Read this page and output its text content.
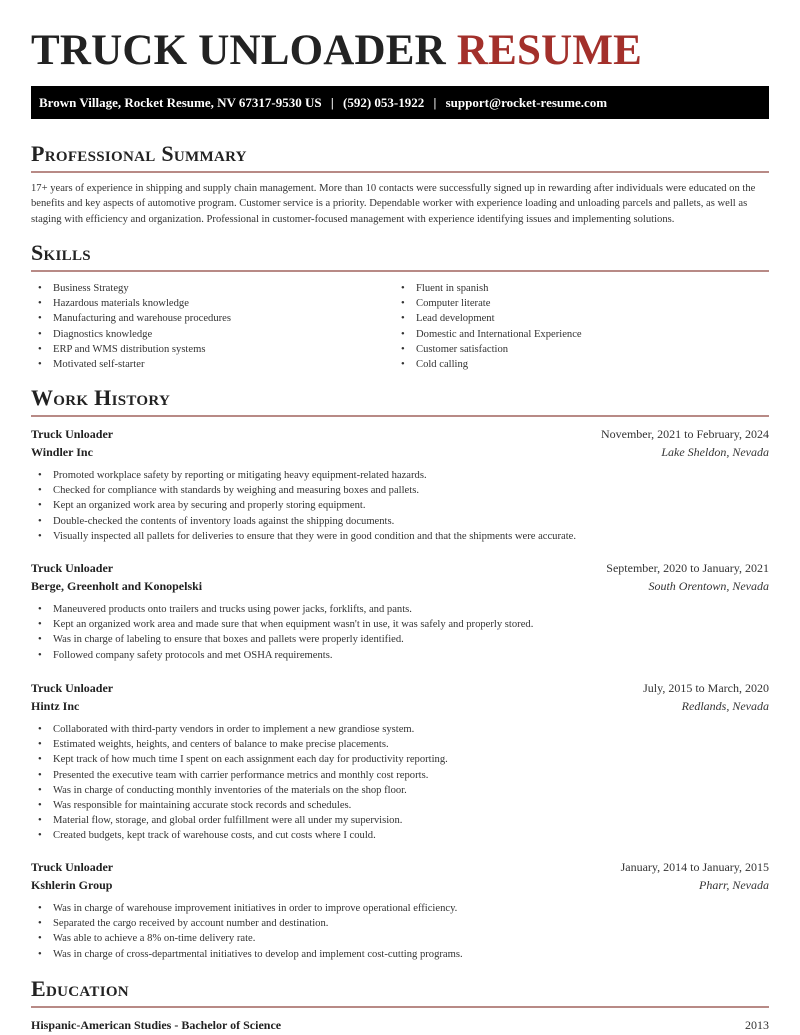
TRUCK UNLOADER RESUME
Brown Village, Rocket Resume, NV 67317-9530 US | (592) 053-1922 | support@rocket-resume.com
Professional Summary
17+ years of experience in shipping and supply chain management. More than 10 contacts were successfully signed up in rewarding after individuals were educated on the benefits and key aspects of automotive program. Customer service is a priority. Dependable worker with experience loading and unloading parcels and pallets, as well as staging with efficiency and organization. Professional in customer-focused management with experience identifying issues and implementing solutions.
Skills
• Business Strategy
• Hazardous materials knowledge
• Manufacturing and warehouse procedures
• Diagnostics knowledge
• ERP and WMS distribution systems
• Motivated self-starter
• Fluent in spanish
• Computer literate
• Lead development
• Domestic and International Experience
• Customer satisfaction
• Cold calling
Work History
Truck Unloader	November, 2021 to February, 2024
Windler Inc	Lake Sheldon, Nevada
• Promoted workplace safety by reporting or mitigating heavy equipment-related hazards.
• Checked for compliance with standards by weighing and measuring boxes and pallets.
• Kept an organized work area by securing and properly storing equipment.
• Double-checked the contents of inventory loads against the shipping documents.
• Visually inspected all pallets for deliveries to ensure that they were in good condition and that the shipments were accurate.
Truck Unloader	September, 2020 to January, 2021
Berge, Greenholt and Konopelski	South Orentown, Nevada
• Maneuvered products onto trailers and trucks using power jacks, forklifts, and pants.
• Kept an organized work area and made sure that when equipment wasn't in use, it was safely and properly stored.
• Was in charge of labeling to ensure that boxes and pallets were properly identified.
• Followed company safety protocols and met OSHA requirements.
Truck Unloader	July, 2015 to March, 2020
Hintz Inc	Redlands, Nevada
• Collaborated with third-party vendors in order to implement a new grandiose system.
• Estimated weights, heights, and centers of balance to make precise placements.
• Kept track of how much time I spent on each assignment each day for productivity reporting.
• Presented the executive team with carrier performance metrics and monthly cost reports.
• Was in charge of conducting monthly inventories of the materials on the shop floor.
• Was responsible for maintaining accurate stock records and schedules.
• Material flow, storage, and global order fulfillment were all under my supervision.
• Created budgets, kept track of warehouse costs, and cut costs where I could.
Truck Unloader	January, 2014 to January, 2015
Kshlerin Group	Pharr, Nevada
• Was in charge of warehouse improvement initiatives in order to improve operational efficiency.
• Separated the cargo received by account number and destination.
• Was able to achieve a 8% on-time delivery rate.
• Was in charge of cross-departmental initiatives to develop and implement cost-cutting programs.
Education
Hispanic-American Studies - Bachelor of Science	2013
